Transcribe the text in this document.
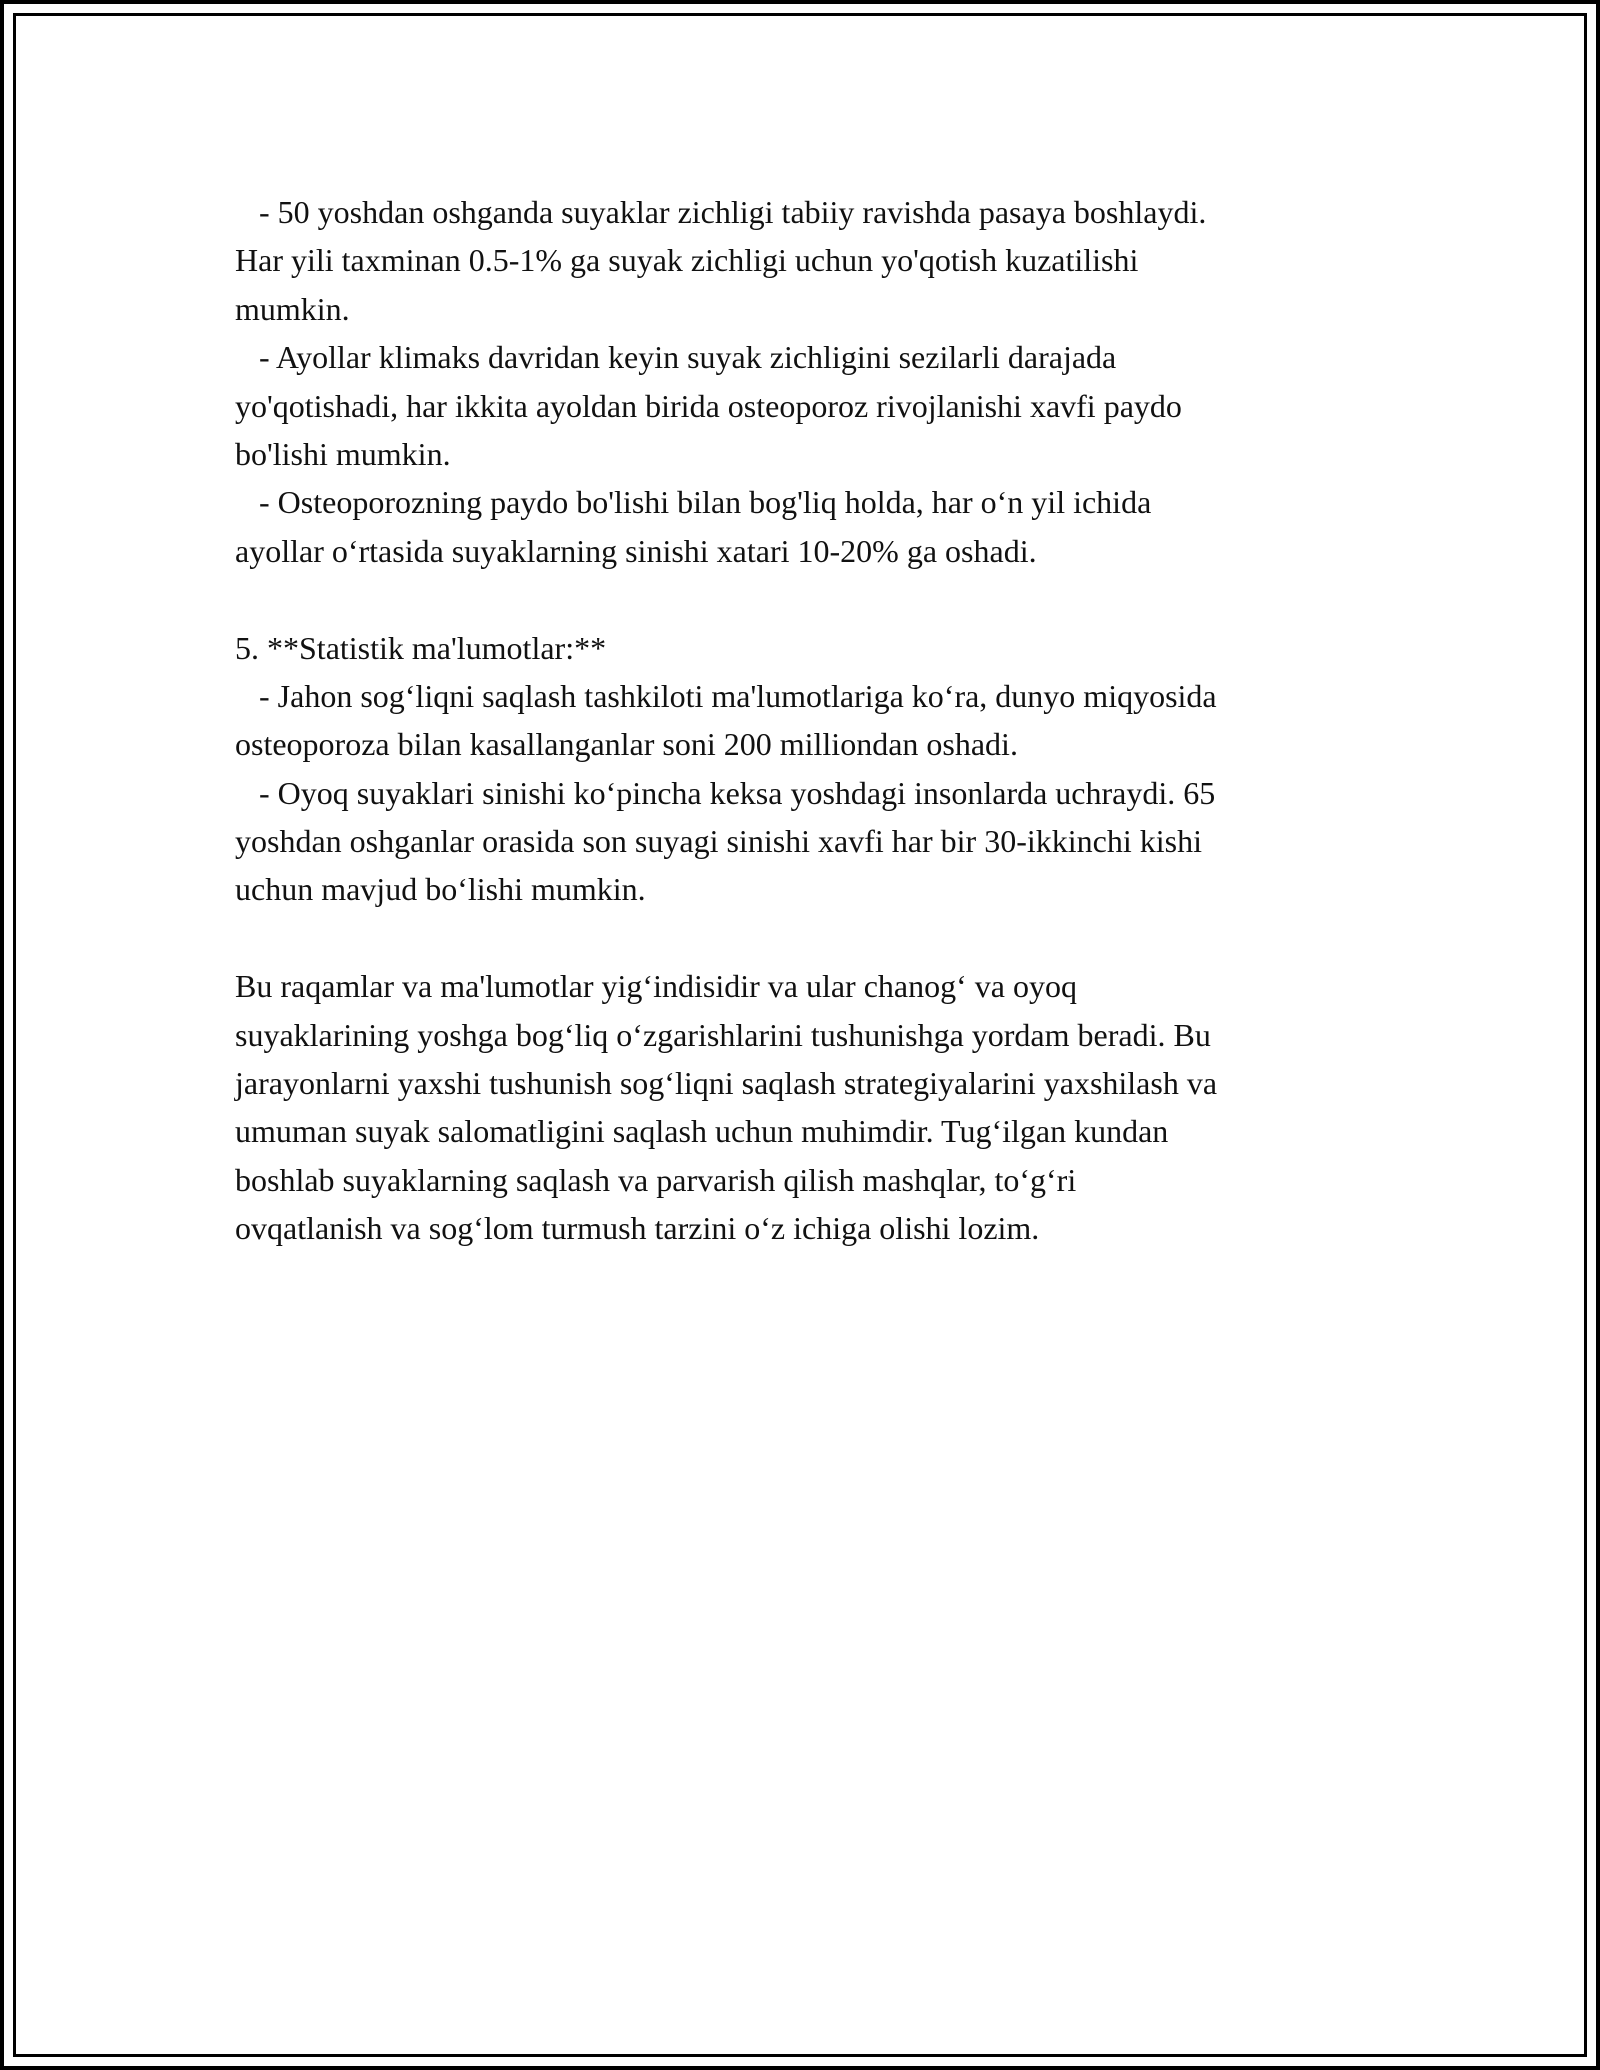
- 50 yoshdan oshganda suyaklar zichligi tabiiy ravishda pasaya boshlaydi.
Har yili taxminan 0.5-1% ga suyak zichligi uchun yo'qotish kuzatilishi
mumkin.
- Ayollar klimaks davridan keyin suyak zichligini sezilarli darajada
yo'qotishadi, har ikkita ayoldan birida osteoporoz rivojlanishi xavfi paydo
bo'lishi mumkin.
- Osteoporozning paydo bo'lishi bilan bog'liq holda, har o‘n yil ichida
ayollar o‘rtasida suyaklarning sinishi xatari 10-20% ga oshadi.
5. **Statistik ma'lumotlar:**
- Jahon sog‘liqni saqlash tashkiloti ma'lumotlariga ko‘ra, dunyo miqyosida
osteoporoza bilan kasallanganlar soni 200 milliondan oshadi.
- Oyoq suyaklari sinishi ko‘pincha keksa yoshdagi insonlarda uchraydi. 65
yoshdan oshganlar orasida son suyagi sinishi xavfi har bir 30-ikkinchi kishi
uchun mavjud bo‘lishi mumkin.
Bu raqamlar va ma'lumotlar yig‘indisidir va ular chanog‘ va oyoq
suyaklarining yoshga bog‘liq o‘zgarishlarini tushunishga yordam beradi. Bu
jarayonlarni yaxshi tushunish sog‘liqni saqlash strategiyalarini yaxshilash va
umuman suyak salomatligini saqlash uchun muhimdir. Tug‘ilgan kundan
boshlab suyaklarning saqlash va parvarish qilish mashqlar, to‘g‘ri
ovqatlanish va sog‘lom turmush tarzini o‘z ichiga olishi lozim.
